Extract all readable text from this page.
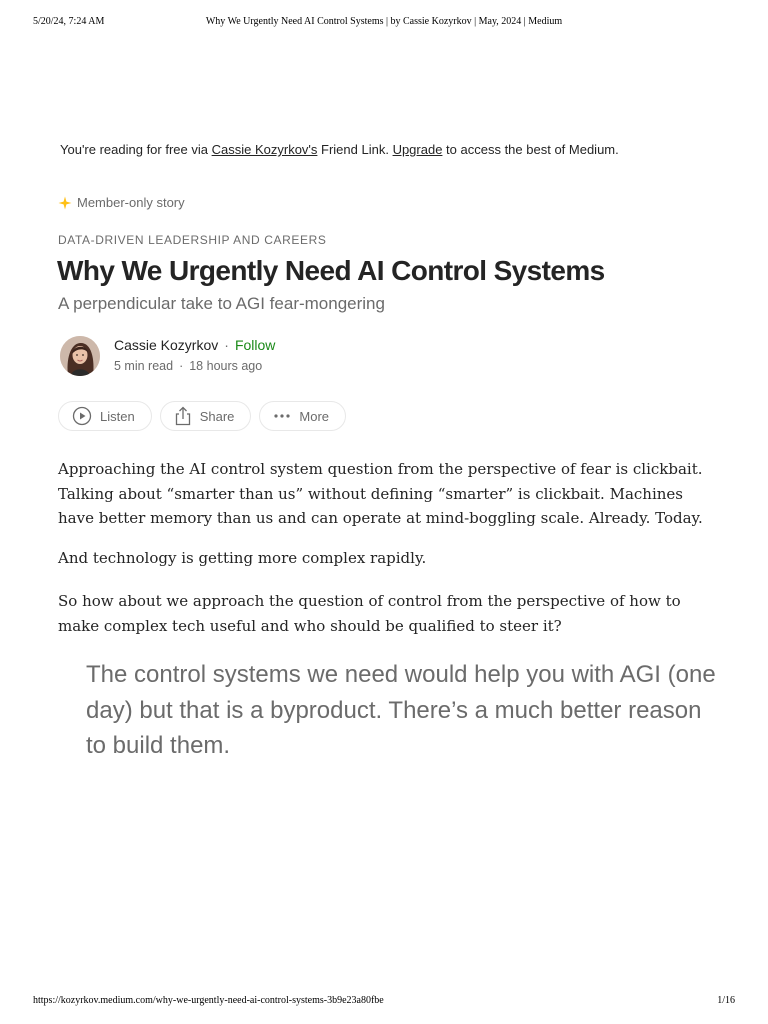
5/20/24, 7:24 AM	Why We Urgently Need AI Control Systems | by Cassie Kozyrkov | May, 2024 | Medium
You're reading for free via Cassie Kozyrkov's Friend Link. Upgrade to access the best of Medium.
Member-only story
DATA-DRIVEN LEADERSHIP AND CAREERS
Why We Urgently Need AI Control Systems
A perpendicular take to AGI fear-mongering
Cassie Kozyrkov · Follow
5 min read · 18 hours ago
Listen	Share	More

Approaching the AI control system question from the perspective of fear is clickbait. Talking about “smarter than us” without defining “smarter” is clickbait. Machines have better memory than us and can operate at mind-boggling scale. Already. Today.

And technology is getting more complex rapidly.

So how about we approach the question of control from the perspective of how to make complex tech useful and who should be qualified to steer it?

The control systems we need would help you with AGI (one day) but that is a byproduct. There’s a much better reason to build them.
https://kozyrkov.medium.com/why-we-urgently-need-ai-control-systems-3b9e23a80fbe	1/16
